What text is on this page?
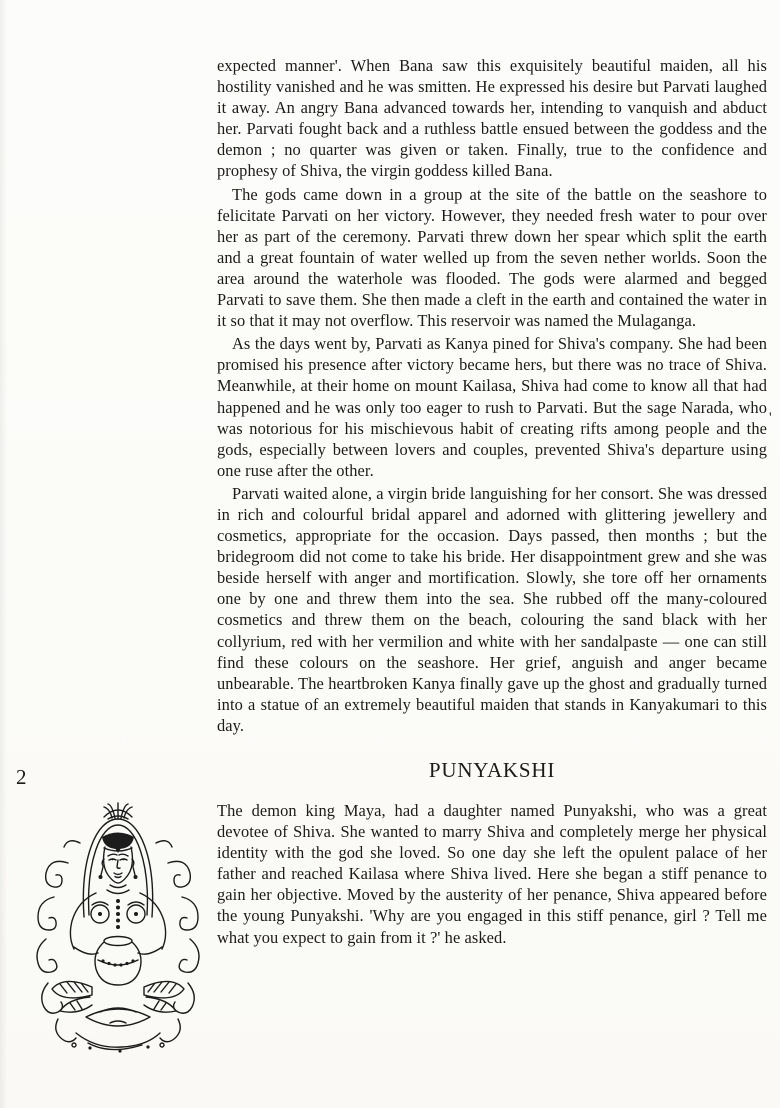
2

expected manner'. When Bana saw this exquisitely beautiful maiden, all his hostility vanished and he was smitten. He expressed his desire but Parvati laughed it away. An angry Bana advanced towards her, intending to vanquish and abduct her. Parvati fought back and a ruthless battle ensued between the goddess and the demon ; no quarter was given or taken. Finally, true to the confidence and prophesy of Shiva, the virgin goddess killed Bana.

The gods came down in a group at the site of the battle on the seashore to felicitate Parvati on her victory. However, they needed fresh water to pour over her as part of the ceremony. Parvati threw down her spear which split the earth and a great fountain of water welled up from the seven nether worlds. Soon the area around the waterhole was flooded. The gods were alarmed and begged Parvati to save them. She then made a cleft in the earth and contained the water in it so that it may not overflow. This reservoir was named the Mulaganga.

As the days went by, Parvati as Kanya pined for Shiva's company. She had been promised his presence after victory became hers, but there was no trace of Shiva. Meanwhile, at their home on mount Kailasa, Shiva had come to know all that had happened and he was only too eager to rush to Parvati. But the sage Narada, who was notorious for his mischievous habit of creating rifts among people and the gods, especially between lovers and couples, prevented Shiva's departure using one ruse after the other.

Parvati waited alone, a virgin bride languishing for her consort. She was dressed in rich and colourful bridal apparel and adorned with glittering jewellery and cosmetics, appropriate for the occasion. Days passed, then months ; but the bridegroom did not come to take his bride. Her disappointment grew and she was beside herself with anger and mortification. Slowly, she tore off her ornaments one by one and threw them into the sea. She rubbed off the many-coloured cosmetics and threw them on the beach, colouring the sand black with her collyrium, red with her vermilion and white with her sandalpaste — one can still find these colours on the seashore. Her grief, anguish and anger became unbearable. The heartbroken Kanya finally gave up the ghost and gradually turned into a statue of an extremely beautiful maiden that stands in Kanyakumari to this day.

PUNYAKSHI

The demon king Maya, had a daughter named Punyakshi, who was a great devotee of Shiva. She wanted to marry Shiva and completely merge her physical identity with the god she loved. So one day she left the opulent palace of her father and reached Kailasa where Shiva lived. Here she began a stiff penance to gain her objective. Moved by the austerity of her penance, Shiva appeared before the young Punyakshi. 'Why are you engaged in this stiff penance, girl ? Tell me what you expect to gain from it ?' he asked.

'
